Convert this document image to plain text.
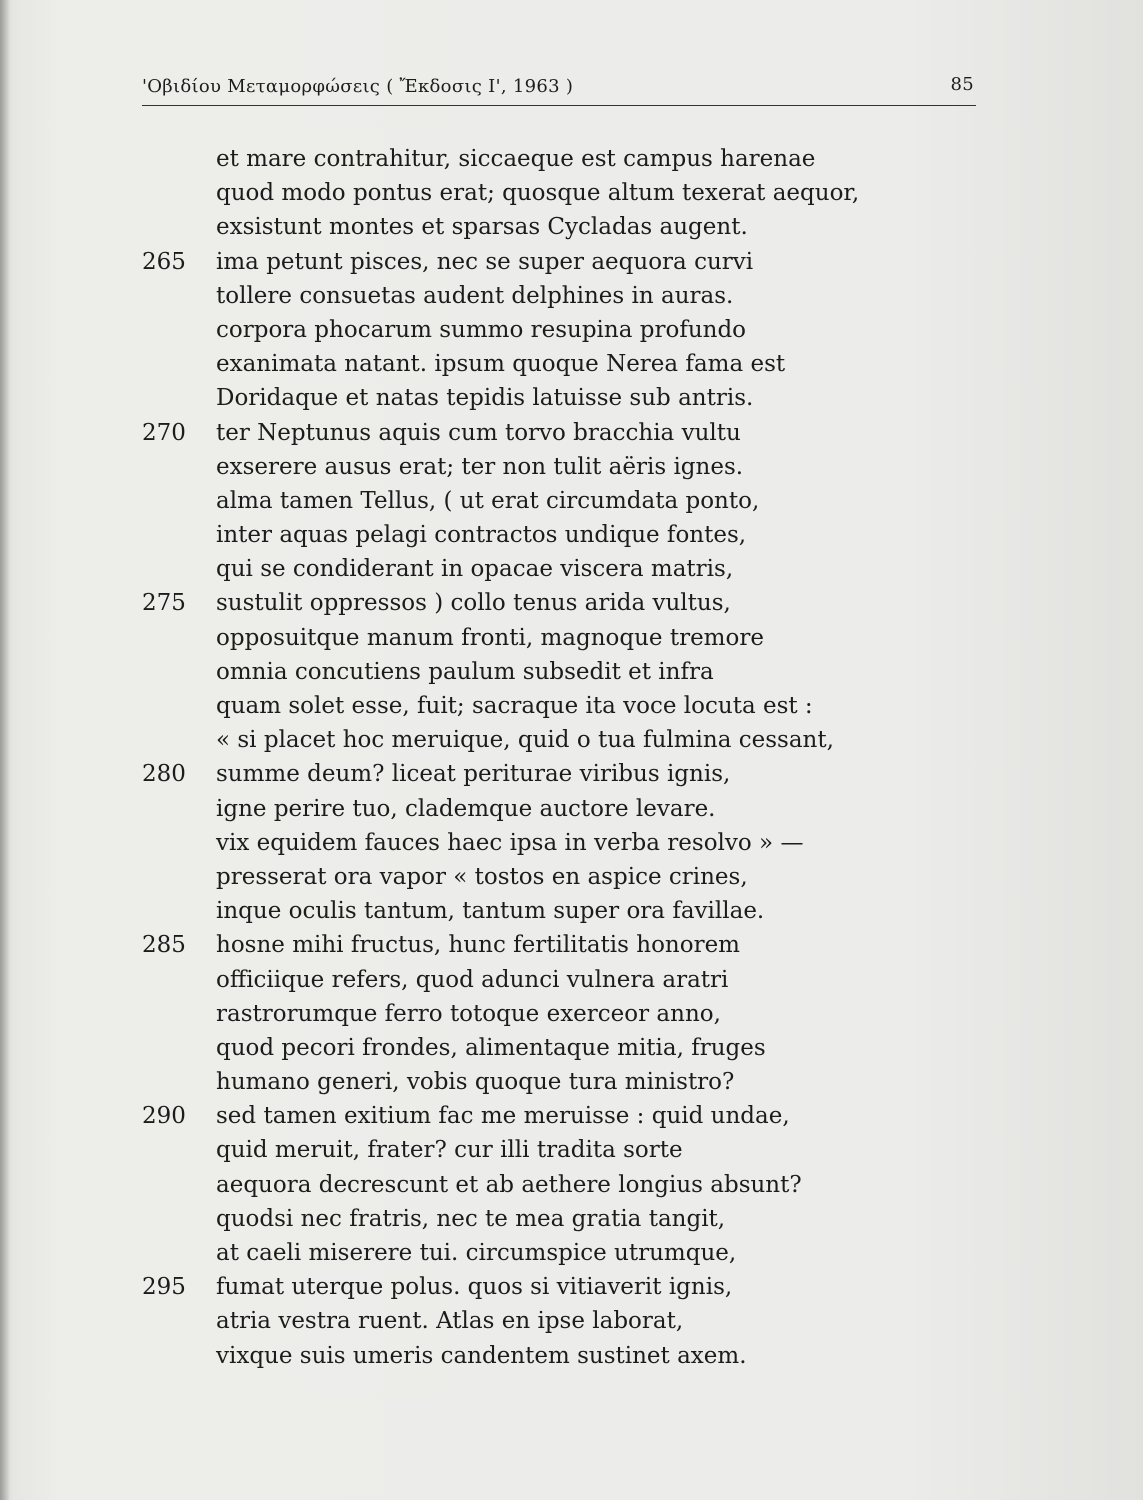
'Οβιδίου Μεταμορφώσεις ( Ἔκδοσις Ι', 1963 )	85
et mare contrahitur, siccaeque est campus harenae
quod modo pontus erat; quosque altum texerat aequor,
exsistunt montes et sparsas Cycladas augent.
265	ima petunt pisces, nec se super aequora curvi
tollere consuetas audent delphines in auras.
corpora phocarum summo resupina profundo
exanimata natant. ipsum quoque Nerea fama est
Doridaque et natas tepidis latuisse sub antris.
270	ter Neptunus aquis cum torvo bracchia vultu
exserere ausus erat; ter non tulit aëris ignes.
alma tamen Tellus, ( ut erat circumdata ponto,
inter aquas pelagi contractos undique fontes,
qui se condiderant in opacae viscera matris,
275	sustulit oppressos ) collo tenus arida vultus,
opposuitque manum fronti, magnoque tremore
omnia concutiens paulum subsedit et infra
quam solet esse, fuit; sacraque ita voce locuta est :
« si placet hoc meruique, quid o tua fulmina cessant,
280	summe deum? liceat periturae viribus ignis,
igne perire tuo, clademque auctore levare.
vix equidem fauces haec ipsa in verba resolvo » —
presserat ora vapor « tostos en aspice crines,
inque oculis tantum, tantum super ora favillae.
285	hosne mihi fructus, hunc fertilitatis honorem
officiique refers, quod adunci vulnera aratri
rastrorumque ferro totoque exerceor anno,
quod pecori frondes, alimentaque mitia, fruges
humano generi, vobis quoque tura ministro?
290	sed tamen exitium fac me meruisse : quid undae,
quid meruit, frater? cur illi tradita sorte
aequora decrescunt et ab aethere longius absunt?
quodsi nec fratris, nec te mea gratia tangit,
at caeli miserere tui. circumspice utrumque,
295	fumat uterque polus. quos si vitiaverit ignis,
atria vestra ruent. Atlas en ipse laborat,
vixque suis umeris candentem sustinet axem.
